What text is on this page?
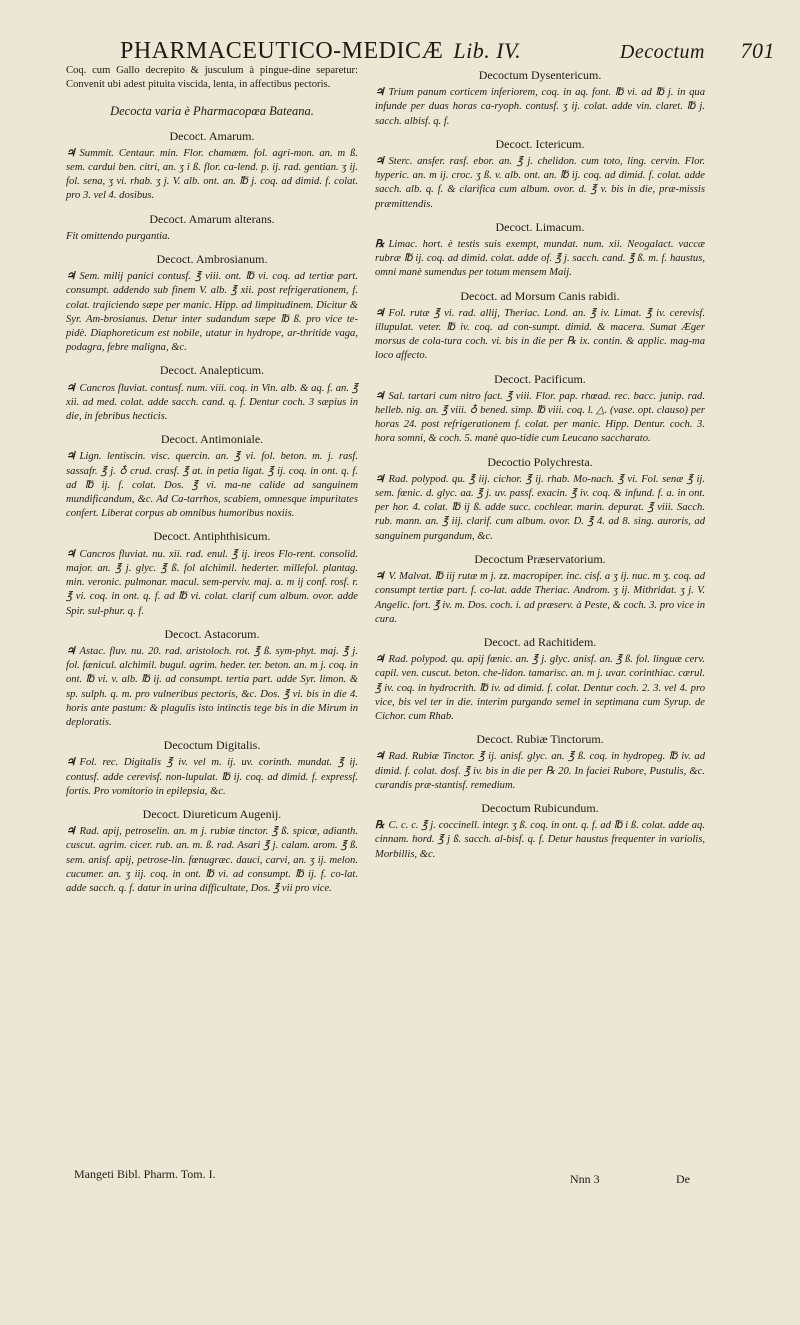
PHARMACEUTICO-MEDICÆ Lib. IV.	Decoctum 701

Coq. cum Gallo decrepito & jusculum à pingue-dine separetur: Convenit ubi adest pituita viscida, lenta, in affectibus pectoris.

Decocta varia è Pharmacopœa Bateana.
Decoct. Amarum.

♃ Summit. Centaur. min. Flor. chamæm. fol. agri-mon. an. m ß. sem. cardui ben. citri, an. ʒ i ß. flor. ca-lend. p. ij. rad. gentian. ʒ ij. fol. sena, ʒ vi. rhab. ʒ j. V. alb. ont. an. ℔ j. coq. ad dimid. f. colat. pro 3. vel 4. dosibus.

Decoct. Amarum alterans.

Fit omittendo purgantia.

Decoct. Ambrosianum.

♃ Sem. milij panici contusf. ℥ viii. ont. ℔ vi. coq. ad tertiæ part. consumpt. addendo sub finem V. alb. ℥ xii. post refrigerationem, f. colat. trajiciendo sæpe per manic. Hipp. ad limpitudinem. Dicitur & Syr. Am-brosianus. Detur inter sudandum sæpe ℔ ß. pro vice te-pidè. Diaphoreticum est nobile, utatur in hydrope, ar-thritide vaga, podagra, febre maligna, &c.

Decoct. Analepticum.

♃ Cancros fluviat. contusf. num. viii. coq. in Vin. alb. & aq. f. an. ℥ xii. ad med. colat. adde sacch. cand. q. f. Dentur coch. 3 sæpius in die, in febribus hecticis.

Decoct. Antimoniale.

♃ Lign. lentiscin. visc. quercin. an. ℥ vi. fol. beton. m. j. rasf. sassafr. ℥ j. ♁ crud. crasf. ℥ at. in petia ligat. ℥ ij. coq. in ont. q. f. ad ℔ ij. f. colat. Dos. ℥ vi. ma-ne calide ad sanguinem mundificandum, &c. Ad Ca-tarrhos, scabiem, omnesque impuritates confert. Liberat corpus ab omnibus humoribus noxiis.

Decoct. Antiphthisicum.

♃ Cancros fluviat. nu. xii. rad. enul. ℥ ij. ireos Flo-rent. consolid. major. an. ℥ j. glyc. ℥ ß. fol alchimil. hederter. millefol. plantag. min. veronic. pulmonar. macul. sem-perviv. maj. a. m ij conf. rosf. r. ℥ vi. coq. in ont. q. f. ad ℔ vi. colat. clarif cum album. ovor. adde Spir. sul-phur. q. f.

Decoct. Astacorum.

♃ Astac. fluv. nu. 20. rad. aristoloch. rot. ℥ ß. sym-phyt. maj. ℥ j. fol. fænicul. alchimil. bugul. agrim. heder. ter. beton. an. m j. coq. in ont. ℔ vi. v. alb. ℔ ij. ad consumpt. tertia part. adde Syr. limon. & sp. sulph. q. m. pro vulneribus pectoris, &c. Dos. ℥ vi. bis in die 4. horis ante pastum: & plagulis isto intinctis tege bis in die Mirum in deploratis.

Decoctum Digitalis.

♃ Fol. rec. Digitalis ℥ iv. vel m. ij. uv. corinth. mundat. ℥ ij. contusf. adde cerevisf. non-lupulat. ℔ ij. coq. ad dimid. f. expressf. fortis. Pro vomitorio in epilepsia, &c.

Decoct. Diureticum Augenij.

♃ Rad. apij, petroselin. an. m j. rubiæ tinctor. ℥ ß. spicæ, adianth. cuscut. agrim. cicer. rub. an. m. ß. rad. Asari ℥ j. calam. arom. ℥ ß. sem. anisf. apij, petrose-lin. fœnugræc. dauci, carvi, an. ʒ ij. melon. cucumer. an. ʒ iij. coq. in ont. ℔ vi. ad consumpt. ℔ ij. f. co-lat. adde sacch. q. f. datur in urina difficultate, Dos. ℥ vii pro vice.

Decoctum Dysentericum.

♃ Trium panum corticem inferiorem, coq. in aq. font. ℔ vi. ad ℔ j. in qua infunde per duas horas ca-ryoph. contusf. ʒ ij. colat. adde vin. claret. ℔ j. sacch. albisf. q. f.

Decoct. Ictericum.

♃ Sterc. ansfer. rasf. ebor. an. ℥ j. chelidon. cum toto, ling. cervin. Flor. hyperic. an. m ij. croc. ʒ ß. v. alb. ont. an. ℔ ij. coq. ad dimid. f. colat. adde sacch. alb. q. f. & clarifica cum album. ovor. d. ℥ v. bis in die, præ-missis præmittendis.

Decoct. Limacum.

℞ Limac. hort. è testis suis exempt, mundat. num. xii. Neogalact. vaccæ rubræ ℔ ij. coq. ad dimid. colat. adde of. ℥ j. sacch. cand. ℥ ß. m. f. haustus, omni manè sumendus per totum mensem Maij.

Decoct. ad Morsum Canis rabidi.

♃ Fol. rutæ ℥ vi. rad. allij, Theriac. Lond. an. ℥ iv. Limat. ℥ iv. cerevisf. illupulat. veter. ℔ iv. coq. ad con-sumpt. dimid. & macera. Sumat Æger morsus de cola-tura coch. vi. bis in die per ℞ ix. contin. & applic. mag-ma loco affecto.

Decoct. Pacificum.

♃ Sal. tartari cum nitro fact. ℥ viii. Flor. pap. rhœad. rec. bacc. junip. rad. helleb. nig. an. ℥ viii. ♁ bened. simp. ℔ viii. coq. l. △. (vase. opt. clauso) per horas 24. post refrigerationem f. colat. per manic. Hipp. Dentur. coch. 3. hora somni, & coch. 5. manè quo-tidie cum Leucano saccharato.

Decoctio Polychresta.

♃ Rad. polypod. qu. ℥ iij. cichor. ℥ ij. rhab. Mo-nach. ℥ vi. Fol. senæ ℥ ij. sem. fœnic. d. glyc. aa. ℥ j. uv. passf. exacin. ℥ iv. coq. & infund. f. a. in ont. per hor. 4. colat. ℔ ij ß. adde succ. cochlear. marin. depurat. ℥ viii. Sacch. rub. mann. an. ℥ iij. clarif. cum album. ovor. D. ℥ 4. ad 8. sing. auroris, ad sanguinem purgandum, &c.

Decoctum Præservatorium.

♃ V. Malvat. ℔ iij rutæ m j. zz. macropiper. inc. cisf. a ʒ ij. nuc. m ʒ. coq. ad consumpt tertiæ part. f. co-lat. adde Theriac. Androm. ʒ ij. Mithridat. ʒ j. V. Angelic. fort. ℥ iv. m. Dos. coch. i. ad præserv. à Peste, & coch. 3. pro vice in cura.

Decoct. ad Rachitidem.

♃ Rad. polypod. qu. apij fœnic. an. ℥ j. glyc. anisf. an. ℥ ß. fol. linguæ cerv. capil. ven. cuscut. beton. che-lidon. tamarisc. an. m j. uvar. corinthiac. cærul. ℥ iv. coq. in hydrocrith. ℔ iv. ad dimid. f. colat. Dentur coch. 2. 3. vel 4. pro vice, bis vel ter in die. interim purgando semel in septimana cum Syrup. de Cichor. cum Rhab.

Decoct. Rubiæ Tinctorum.

♃ Rad. Rubiæ Tinctor. ℥ ij. anisf. glyc. an. ℥ ß. coq. in hydropeg. ℔ iv. ad dimid. f. colat. dosf. ℥ iv. bis in die per ℞ 20. In faciei Rubore, Pustulis, &c. curandis præ-stantisf. remedium.

Decoctum Rubicundum.

℞ C. c. c. ℥ j. coccinell. integr. ʒ ß. coq. in ont. q. f. ad ℔ i ß. colat. adde aq. cinnam. hord. ℥ j ß. sacch. al-bisf. q. f. Detur haustus frequenter in variolis, Morbillis, &c.

Mangeti Bibl. Pharm. Tom. I.	Nnn 3	De
